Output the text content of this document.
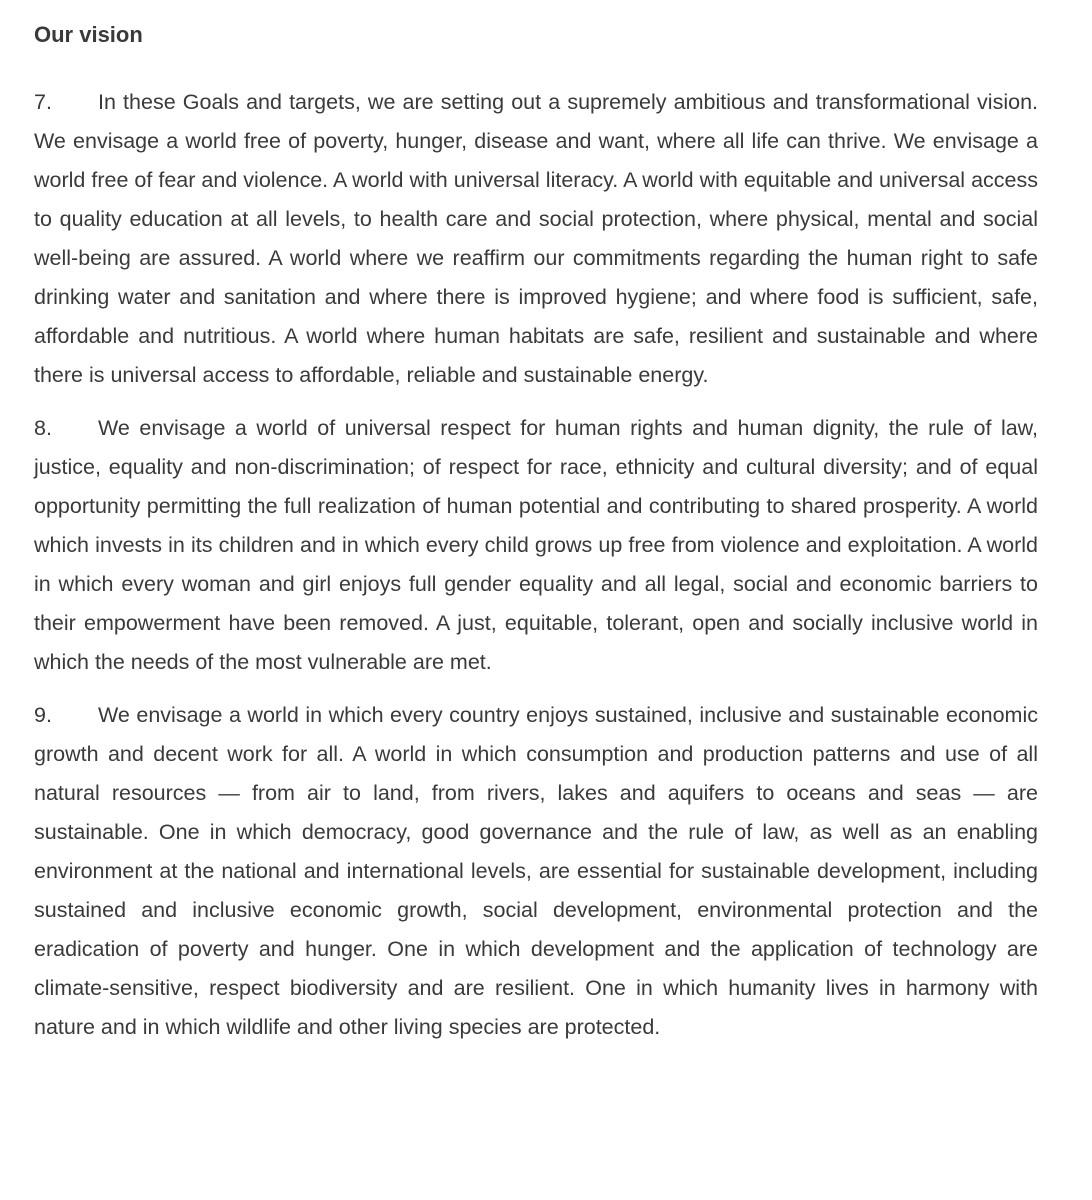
Our vision

7. In these Goals and targets, we are setting out a supremely ambitious and transformational vision. We envisage a world free of poverty, hunger, disease and want, where all life can thrive. We envisage a world free of fear and violence. A world with universal literacy. A world with equitable and universal access to quality education at all levels, to health care and social protection, where physical, mental and social well-being are assured. A world where we reaffirm our commitments regarding the human right to safe drinking water and sanitation and where there is improved hygiene; and where food is sufficient, safe, affordable and nutritious. A world where human habitats are safe, resilient and sustainable and where there is universal access to affordable, reliable and sustainable energy.

8. We envisage a world of universal respect for human rights and human dignity, the rule of law, justice, equality and non-discrimination; of respect for race, ethnicity and cultural diversity; and of equal opportunity permitting the full realization of human potential and contributing to shared prosperity. A world which invests in its children and in which every child grows up free from violence and exploitation. A world in which every woman and girl enjoys full gender equality and all legal, social and economic barriers to their empowerment have been removed. A just, equitable, tolerant, open and socially inclusive world in which the needs of the most vulnerable are met.

9. We envisage a world in which every country enjoys sustained, inclusive and sustainable economic growth and decent work for all. A world in which consumption and production patterns and use of all natural resources — from air to land, from rivers, lakes and aquifers to oceans and seas — are sustainable. One in which democracy, good governance and the rule of law, as well as an enabling environment at the national and international levels, are essential for sustainable development, including sustained and inclusive economic growth, social development, environmental protection and the eradication of poverty and hunger. One in which development and the application of technology are climate-sensitive, respect biodiversity and are resilient. One in which humanity lives in harmony with nature and in which wildlife and other living species are protected.
